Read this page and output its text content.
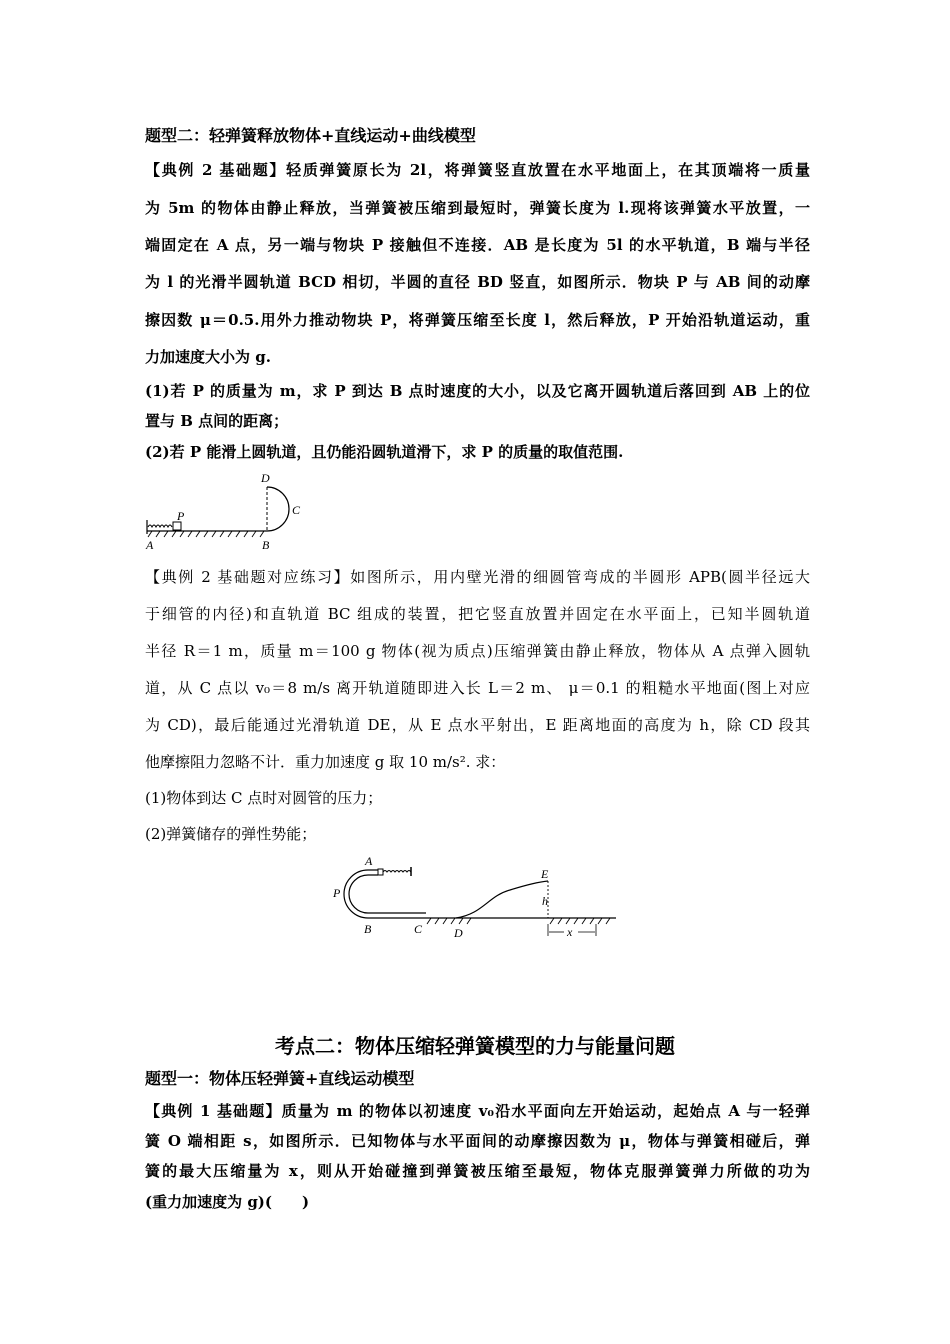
题型二：轻弹簧释放物体+直线运动+曲线模型
【典例 2 基础题】轻质弹簧原长为 2l，将弹簧竖直放置在水平地面上，在其顶端将一质量
为 5m 的物体由静止释放，当弹簧被压缩到最短时，弹簧长度为 l.现将该弹簧水平放置，一
端固定在 A 点，另一端与物块 P 接触但不连接．AB 是长度为 5l 的水平轨道，B 端与半径
为 l 的光滑半圆轨道 BCD 相切，半圆的直径 BD 竖直，如图所示．物块 P 与 AB 间的动摩
擦因数 μ＝0.5.用外力推动物块 P，将弹簧压缩至长度 l，然后释放，P 开始沿轨道运动，重
力加速度大小为 g.
(1)若 P 的质量为 m，求 P 到达 B 点时速度的大小，以及它离开圆轨道后落回到 AB 上的位
置与 B 点间的距离；
(2)若 P 能滑上圆轨道，且仍能沿圆轨道滑下，求 P 的质量的取值范围.
D
C
P
A	B
【典例 2 基础题对应练习】如图所示，用内壁光滑的细圆管弯成的半圆形 APB(圆半径远大
于细管的内径)和直轨道 BC 组成的装置，把它竖直放置并固定在水平面上，已知半圆轨道
半径 R＝1 m，质量 m＝100 g 物体(视为质点)压缩弹簧由静止释放，物体从 A 点弹入圆轨
道，从 C 点以 v₀＝8 m/s 离开轨道随即进入长 L＝2 m、 μ＝0.1 的粗糙水平地面(图上对应
为 CD)，最后能通过光滑轨道 DE，从 E 点水平射出，E 距离地面的高度为 h，除 CD 段其
他摩擦阻力忽略不计．重力加速度 g 取 10 m/s². 求：
(1)物体到达 C 点时对圆管的压力；
(2)弹簧储存的弹性势能；
A
P
B	C	D
E
h
x
考点二：物体压缩轻弹簧模型的力与能量问题
题型一：物体压轻弹簧+直线运动模型
【典例 1 基础题】质量为 m 的物体以初速度 v₀沿水平面向左开始运动，起始点 A 与一轻弹
簧 O 端相距 s，如图所示．已知物体与水平面间的动摩擦因数为 μ，物体与弹簧相碰后，弹
簧的最大压缩量为 x，则从开始碰撞到弹簧被压缩至最短，物体克服弹簧弹力所做的功为
(重力加速度为 g)(　　)
